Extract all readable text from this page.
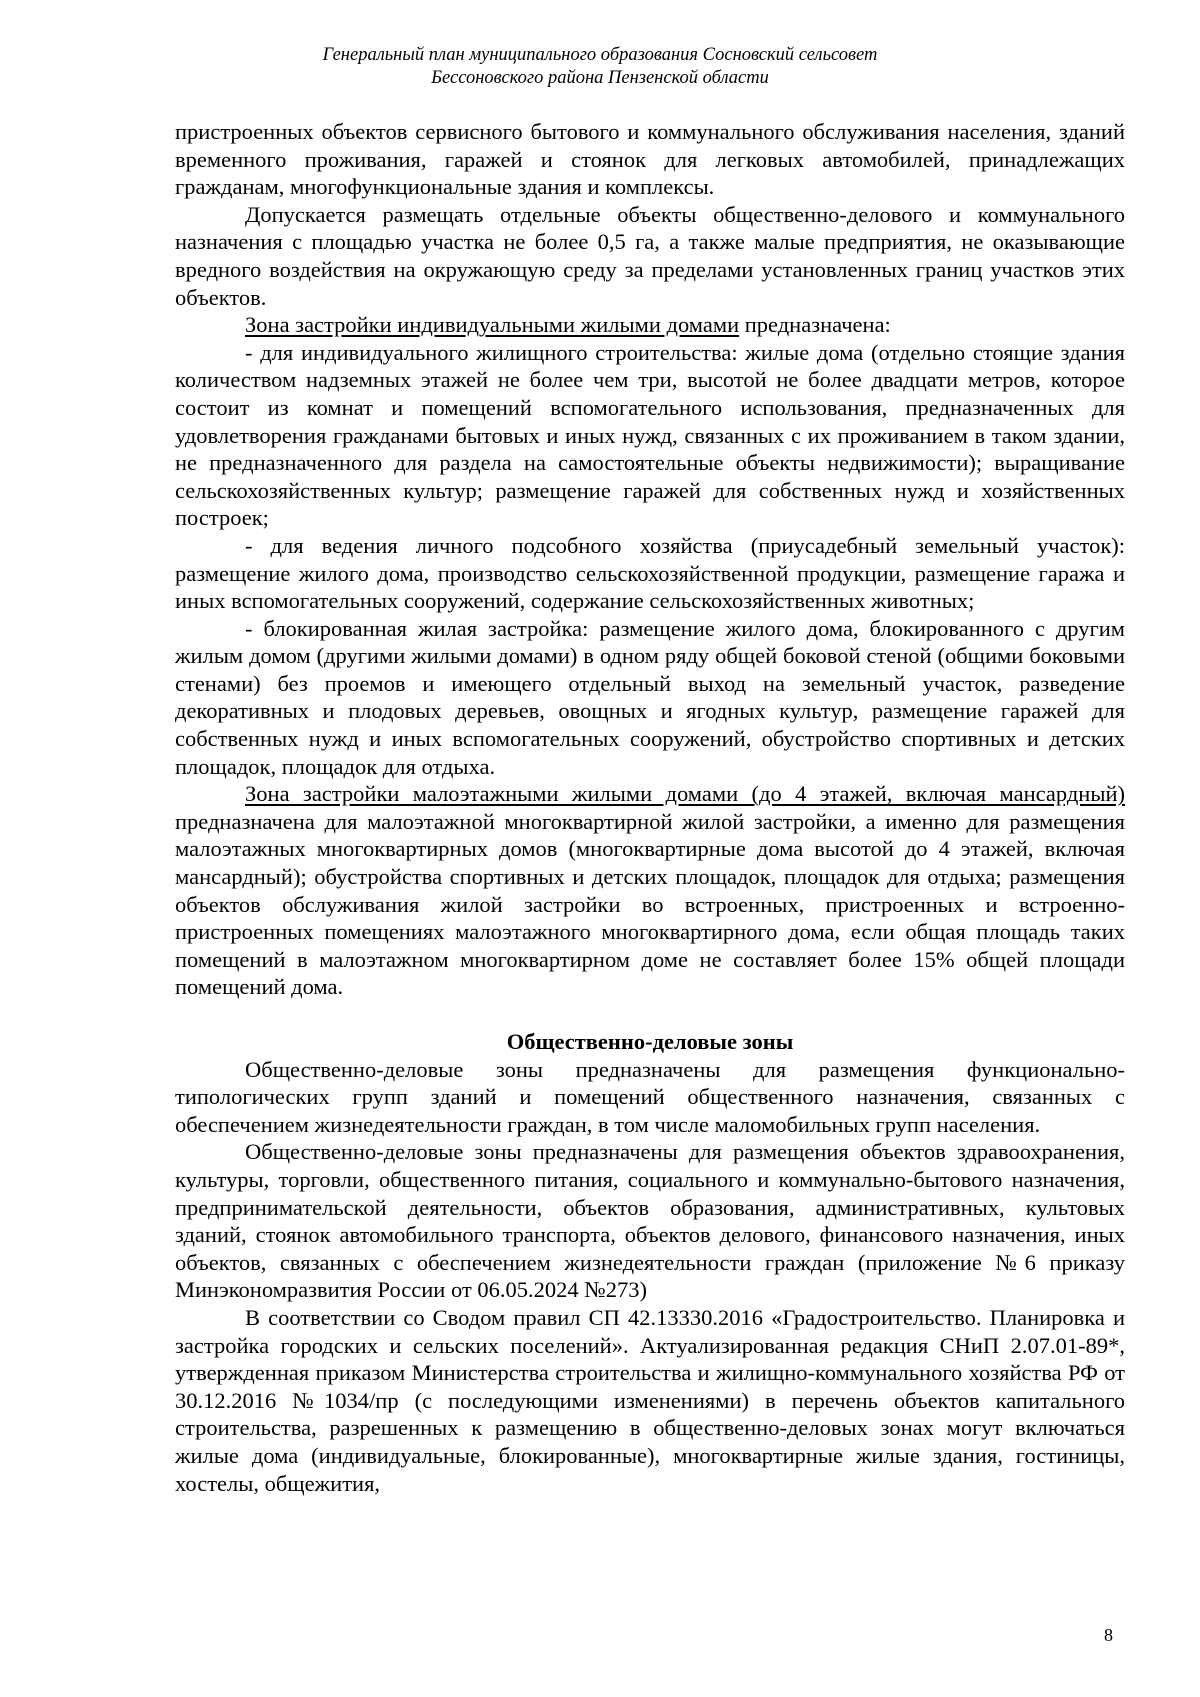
Генеральный план муниципального образования Сосновский сельсовет
Бессоновского района Пензенской области

пристроенных объектов сервисного бытового и коммунального обслуживания населения, зданий временного проживания, гаражей и стоянок для легковых автомобилей, принадлежащих гражданам, многофункциональные здания и комплексы.

Допускается размещать отдельные объекты общественно-делового и коммунального назначения с площадью участка не более 0,5 га, а также малые предприятия, не оказывающие вредного воздействия на окружающую среду за пределами установленных границ участков этих объектов.

Зона застройки индивидуальными жилыми домами предназначена:

- для индивидуального жилищного строительства: жилые дома (отдельно стоящие здания количеством надземных этажей не более чем три, высотой не более двадцати метров, которое состоит из комнат и помещений вспомогательного использования, предназначенных для удовлетворения гражданами бытовых и иных нужд, связанных с их проживанием в таком здании, не предназначенного для раздела на самостоятельные объекты недвижимости); выращивание сельскохозяйственных культур; размещение гаражей для собственных нужд и хозяйственных построек;

- для ведения личного подсобного хозяйства (приусадебный земельный участок): размещение жилого дома, производство сельскохозяйственной продукции, размещение гаража и иных вспомогательных сооружений, содержание сельскохозяйственных животных;

- блокированная жилая застройка: размещение жилого дома, блокированного с другим жилым домом (другими жилыми домами) в одном ряду общей боковой стеной (общими боковыми стенами) без проемов и имеющего отдельный выход на земельный участок, разведение декоративных и плодовых деревьев, овощных и ягодных культур, размещение гаражей для собственных нужд и иных вспомогательных сооружений, обустройство спортивных и детских площадок, площадок для отдыха.

Зона застройки малоэтажными жилыми домами (до 4 этажей, включая мансардный) предназначена для малоэтажной многоквартирной жилой застройки, а именно для размещения малоэтажных многоквартирных домов (многоквартирные дома высотой до 4 этажей, включая мансардный); обустройства спортивных и детских площадок, площадок для отдыха; размещения объектов обслуживания жилой застройки во встроенных, пристроенных и встроенно-пристроенных помещениях малоэтажного многоквартирного дома, если общая площадь таких помещений в малоэтажном многоквартирном доме не составляет более 15% общей площади помещений дома.

Общественно-деловые зоны

Общественно-деловые зоны предназначены для размещения функционально-типологических групп зданий и помещений общественного назначения, связанных с обеспечением жизнедеятельности граждан, в том числе маломобильных групп населения.

Общественно-деловые зоны предназначены для размещения объектов здравоохранения, культуры, торговли, общественного питания, социального и коммунально-бытового назначения, предпринимательской деятельности, объектов образования, административных, культовых зданий, стоянок автомобильного транспорта, объектов делового, финансового назначения, иных объектов, связанных с обеспечением жизнедеятельности граждан (приложение №6 приказу Минэкономразвития России от 06.05.2024 №273)

В соответствии со Сводом правил СП 42.13330.2016 «Градостроительство. Планировка и застройка городских и сельских поселений». Актуализированная редакция СНиП 2.07.01-89*, утвержденная приказом Министерства строительства и жилищно-коммунального хозяйства РФ от 30.12.2016 №1034/пр (с последующими изменениями) в перечень объектов капитального строительства, разрешенных к размещению в общественно-деловых зонах могут включаться жилые дома (индивидуальные, блокированные), многоквартирные жилые здания, гостиницы, хостелы, общежития,

8
